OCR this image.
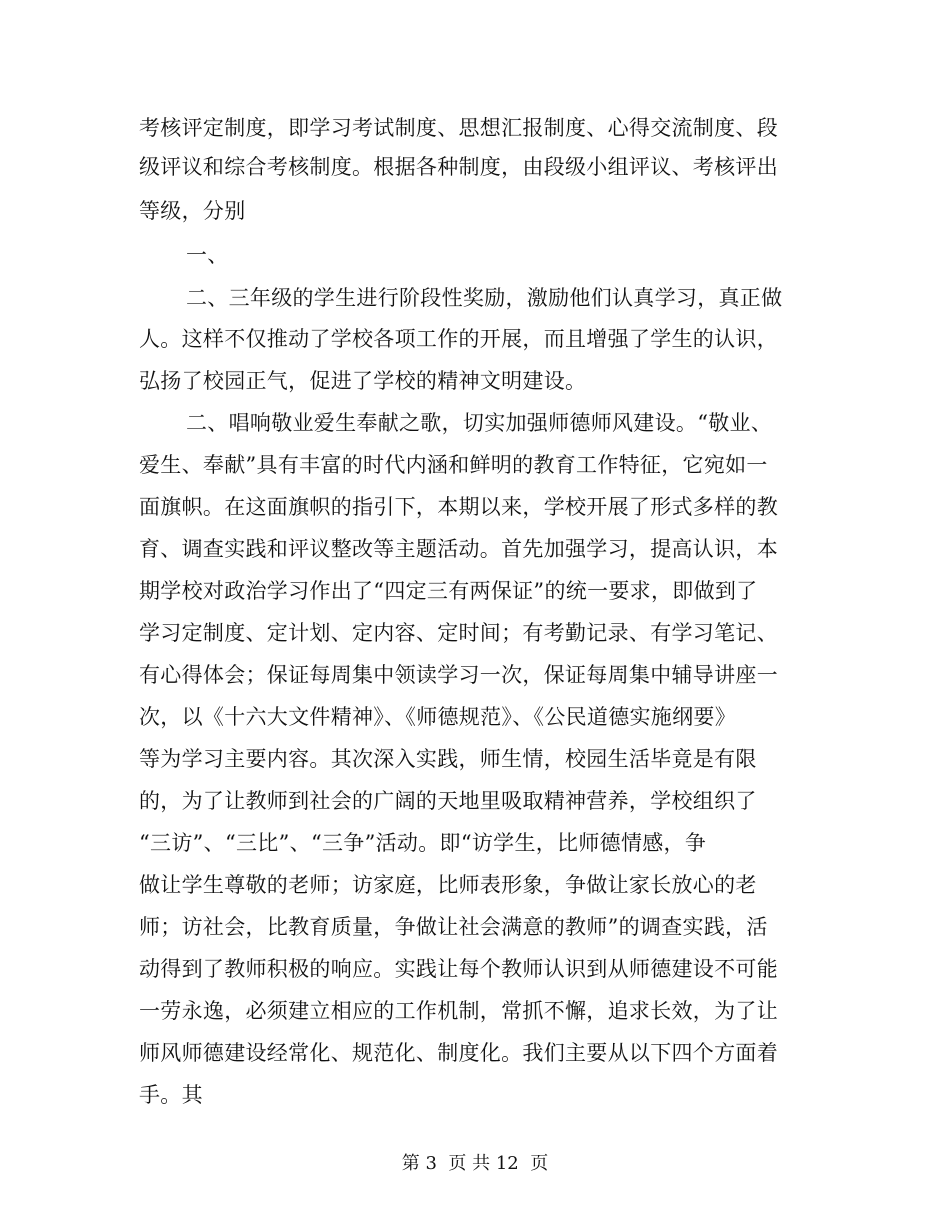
考核评定制度，即学习考试制度、思想汇报制度、心得交流制度、段
级评议和综合考核制度。根据各种制度，由段级小组评议、考核评出
等级，分别
一、
二、三年级的学生进行阶段性奖励，激励他们认真学习，真正做
人。这样不仅推动了学校各项工作的开展，而且增强了学生的认识，
弘扬了校园正气，促进了学校的精神文明建设。
二、唱响敬业爱生奉献之歌，切实加强师德师风建设。“敬业、
爱生、奉献”具有丰富的时代内涵和鲜明的教育工作特征，它宛如一
面旗帜。在这面旗帜的指引下，本期以来，学校开展了形式多样的教
育、调查实践和评议整改等主题活动。首先加强学习，提高认识，本
期学校对政治学习作出了“四定三有两保证”的统一要求，即做到了
学习定制度、定计划、定内容、定时间；有考勤记录、有学习笔记、
有心得体会；保证每周集中领读学习一次，保证每周集中辅导讲座一
次，以《十六大文件精神》、《师德规范》、《公民道德实施纲要》
等为学习主要内容。其次深入实践，师生情，校园生活毕竟是有限
的，为了让教师到社会的广阔的天地里吸取精神营养，学校组织了
“三访”、“三比”、“三争”活动。即“访学生，比师德情感，争
做让学生尊敬的老师；访家庭，比师表形象，争做让家长放心的老
师；访社会，比教育质量，争做让社会满意的教师”的调查实践，活
动得到了教师积极的响应。实践让每个教师认识到从师德建设不可能
一劳永逸，必须建立相应的工作机制，常抓不懈，追求长效，为了让
师风师德建设经常化、规范化、制度化。我们主要从以下四个方面着
手。其
第 3  页 共 12  页
